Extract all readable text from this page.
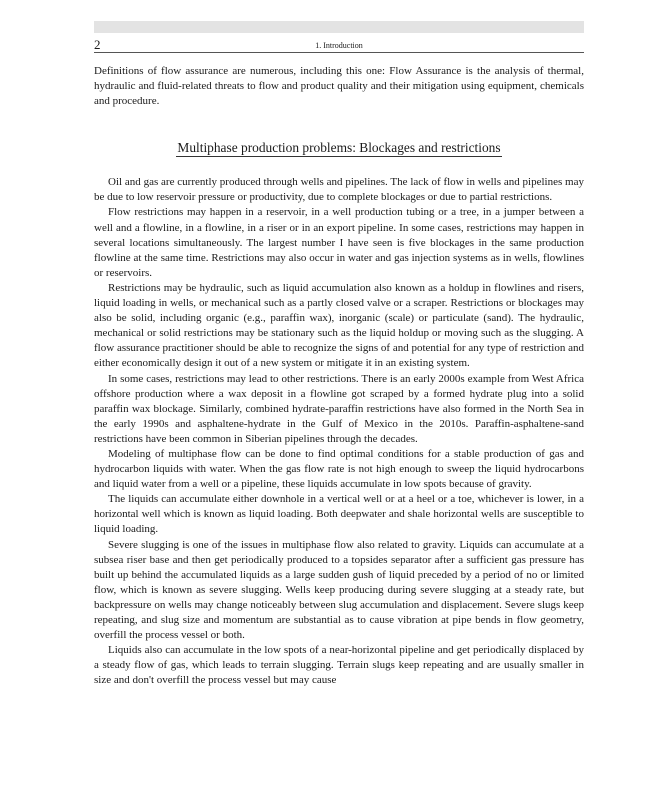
2	1. Introduction

Definitions of flow assurance are numerous, including this one: Flow Assurance is the analysis of thermal, hydraulic and fluid-related threats to flow and product quality and their mitigation using equipment, chemicals and procedure.

Multiphase production problems: Blockages and restrictions

Oil and gas are currently produced through wells and pipelines. The lack of flow in wells and pipelines may be due to low reservoir pressure or productivity, due to complete blockages or due to partial restrictions.

Flow restrictions may happen in a reservoir, in a well production tubing or a tree, in a jumper between a well and a flowline, in a flowline, in a riser or in an export pipeline. In some cases, restrictions may happen in several locations simultaneously. The largest number I have seen is five blockages in the same production flowline at the same time. Restrictions may also occur in water and gas injection systems as in wells, flowlines or reservoirs.

Restrictions may be hydraulic, such as liquid accumulation also known as a holdup in flowlines and risers, liquid loading in wells, or mechanical such as a partly closed valve or a scraper. Restrictions or blockages may also be solid, including organic (e.g., paraffin wax), inorganic (scale) or particulate (sand). The hydraulic, mechanical or solid restrictions may be stationary such as the liquid holdup or moving such as the slugging. A flow assurance practitioner should be able to recognize the signs of and potential for any type of restriction and either economically design it out of a new system or mitigate it in an existing system.

In some cases, restrictions may lead to other restrictions. There is an early 2000s example from West Africa offshore production where a wax deposit in a flowline got scraped by a formed hydrate plug into a solid paraffin wax blockage. Similarly, combined hydrate-paraffin restrictions have also formed in the North Sea in the early 1990s and asphaltene-hydrate in the Gulf of Mexico in the 2010s. Paraffin-asphaltene-sand restrictions have been common in Siberian pipelines through the decades.

Modeling of multiphase flow can be done to find optimal conditions for a stable production of gas and hydrocarbon liquids with water. When the gas flow rate is not high enough to sweep the liquid hydrocarbons and liquid water from a well or a pipeline, these liquids accumulate in low spots because of gravity.

The liquids can accumulate either downhole in a vertical well or at a heel or a toe, whichever is lower, in a horizontal well which is known as liquid loading. Both deepwater and shale horizontal wells are susceptible to liquid loading.

Severe slugging is one of the issues in multiphase flow also related to gravity. Liquids can accumulate at a subsea riser base and then get periodically produced to a topsides separator after a sufficient gas pressure has built up behind the accumulated liquids as a large sudden gush of liquid preceded by a period of no or limited flow, which is known as severe slugging. Wells keep producing during severe slugging at a steady rate, but backpressure on wells may change noticeably between slug accumulation and displacement. Severe slugs keep repeating, and slug size and momentum are substantial as to cause vibration at pipe bends in flow geometry, overfill the process vessel or both.

Liquids also can accumulate in the low spots of a near-horizontal pipeline and get periodically displaced by a steady flow of gas, which leads to terrain slugging. Terrain slugs keep repeating and are usually smaller in size and don't overfill the process vessel but may cause
